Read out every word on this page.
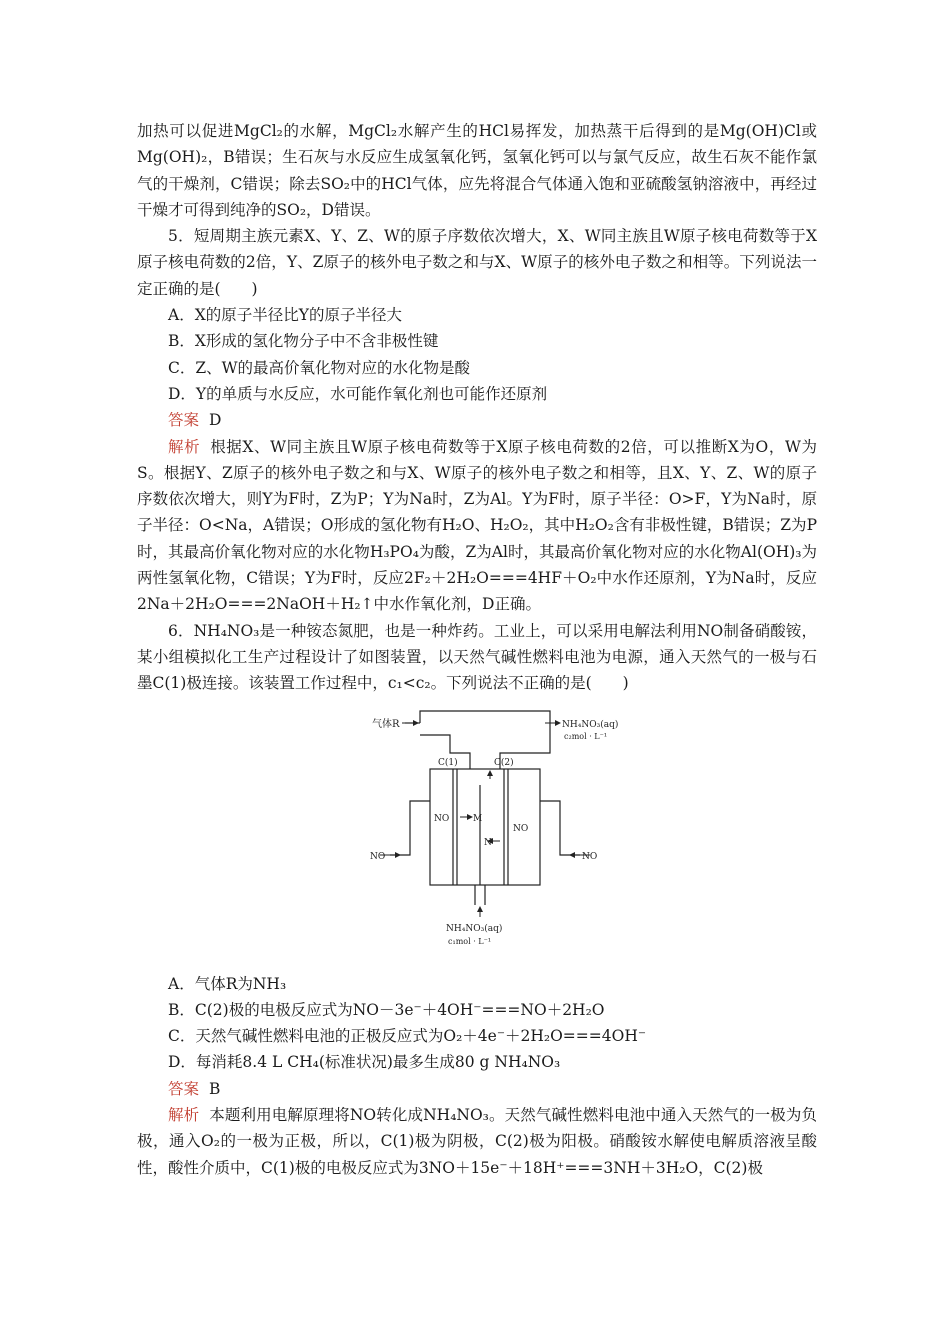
加热可以促进MgCl₂的水解，MgCl₂水解产生的HCl易挥发，加热蒸干后得到的是Mg(OH)Cl或Mg(OH)₂，B错误；生石灰与水反应生成氢氧化钙，氢氧化钙可以与氯气反应，故生石灰不能作氯气的干燥剂，C错误；除去SO₂中的HCl气体，应先将混合气体通入饱和亚硫酸氢钠溶液中，再经过干燥才可得到纯净的SO₂，D错误。

5．短周期主族元素X、Y、Z、W的原子序数依次增大，X、W同主族且W原子核电荷数等于X原子核电荷数的2倍，Y、Z原子的核外电子数之和与X、W原子的核外电子数之和相等。下列说法一定正确的是(　　)

A．X的原子半径比Y的原子半径大

B．X形成的氢化物分子中不含非极性键

C．Z、W的最高价氧化物对应的水化物是酸

D．Y的单质与水反应，水可能作氧化剂也可能作还原剂

答案 D

解析 根据X、W同主族且W原子核电荷数等于X原子核电荷数的2倍，可以推断X为O，W为S。根据Y、Z原子的核外电子数之和与X、W原子的核外电子数之和相等，且X、Y、Z、W的原子序数依次增大，则Y为F时，Z为P；Y为Na时，Z为Al。Y为F时，原子半径：O>F，Y为Na时，原子半径：O<Na，A错误；O形成的氢化物有H₂O、H₂O₂，其中H₂O₂含有非极性键，B错误；Z为P时，其最高价氧化物对应的水化物H₃PO₄为酸，Z为Al时，其最高价氧化物对应的水化物Al(OH)₃为两性氢氧化物，C错误；Y为F时，反应2F₂＋2H₂O===4HF＋O₂中水作还原剂，Y为Na时，反应2Na＋2H₂O===2NaOH＋H₂↑中水作氧化剂，D正确。

6．NH₄NO₃是一种铵态氮肥，也是一种炸药。工业上，可以采用电解法利用NO制备硝酸铵，某小组模拟化工生产过程设计了如图装置，以天然气碱性燃料电池为电源，通入天然气的一极与石墨C(1)极连接。该装置工作过程中，c₁<c₂。下列说法不正确的是(　　)

气体R	NH₄NO₃(aq)
c₂mol · L⁻¹
C(1)	C(2)
NO	M
N
NO
NO	NO
NH₄NO₃(aq)
c₁mol · L⁻¹

A．气体R为NH₃

B．C(2)极的电极反应式为NO－3e⁻＋4OH⁻===NO＋2H₂O

C．天然气碱性燃料电池的正极反应式为O₂＋4e⁻＋2H₂O===4OH⁻

D．每消耗8.4 L CH₄(标准状况)最多生成80 g NH₄NO₃

答案 B

解析 本题利用电解原理将NO转化成NH₄NO₃。天然气碱性燃料电池中通入天然气的一极为负极，通入O₂的一极为正极，所以，C(1)极为阴极，C(2)极为阳极。硝酸铵水解使电解质溶液呈酸性，酸性介质中，C(1)极的电极反应式为3NO＋15e⁻＋18H⁺===3NH＋3H₂O，C(2)极
